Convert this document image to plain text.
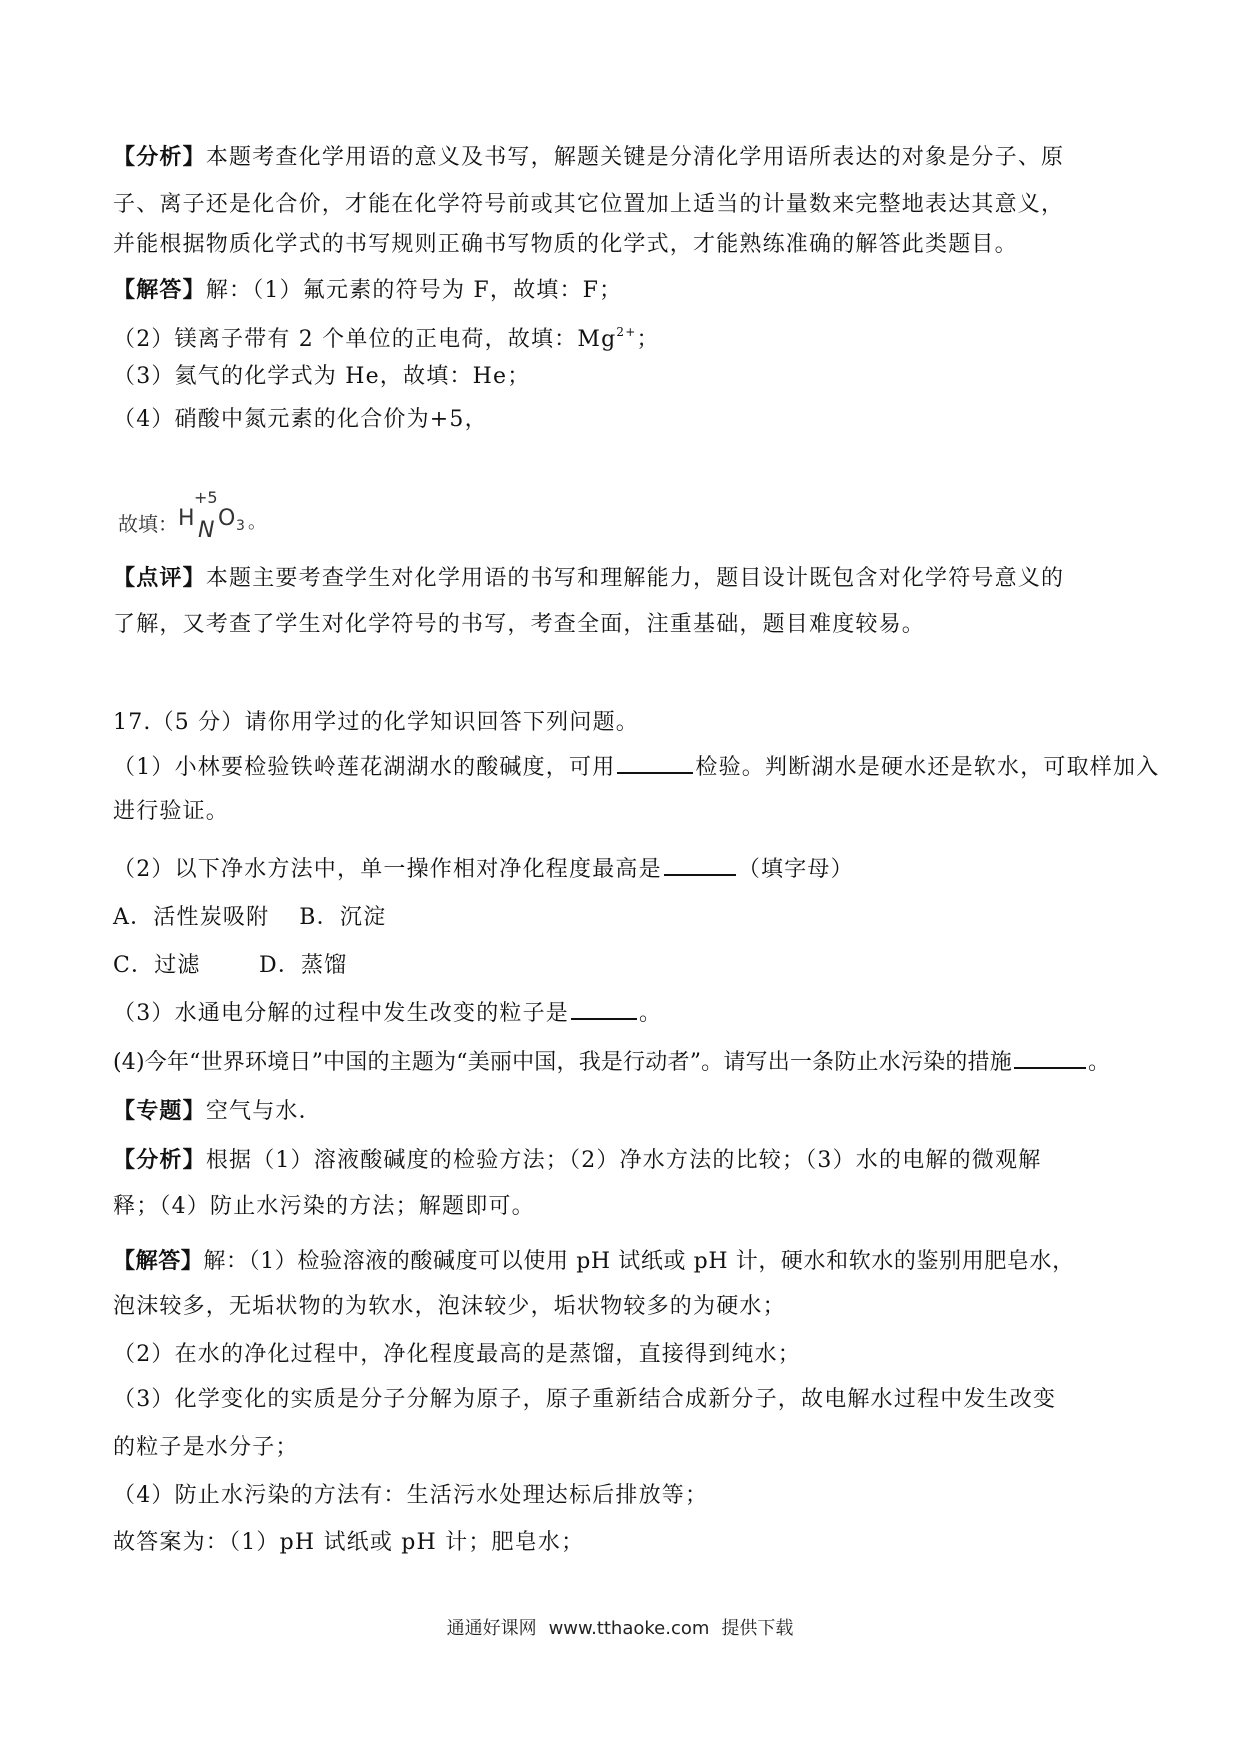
【分析】本题考查化学用语的意义及书写，解题关键是分清化学用语所表达的对象是分子、原
子、离子还是化合价，才能在化学符号前或其它位置加上适当的计量数来完整地表达其意义，
并能根据物质化学式的书写规则正确书写物质的化学式，才能熟练准确的解答此类题目。
【解答】解：（1）氟元素的符号为 F，故填：F；
（2）镁离子带有 2 个单位的正电荷，故填：$Mg^{2+}$；
（3）氦气的化学式为 He，故填：He；
（4）硝酸中氮元素的化合价为+5，
故填： H
+5
N O 3 。
【点评】本题主要考查学生对化学用语的书写和理解能力，题目设计既包含对化学符号意义的
了解，又考查了学生对化学符号的书写，考查全面，注重基础，题目难度较易。
17.（5 分）请你用学过的化学知识回答下列问题。
（1）小林要检验铁岭莲花湖湖水的酸碱度，可用	检验。判断湖水是硬水还是软水，可取样加入
进行验证。
（2）以下净水方法中，单一操作相对净化程度最高是	（填字母）
A．活性炭吸附 B．沉淀
C．过滤	D．蒸馏
（3）水通电分解的过程中发生改变的粒子是	。
(4)今年“世界环境日”中国的主题为“美丽中国，我是行动者”。请写出一条防止水污染的措施	。
【专题】空气与水．
【分析】根据（1）溶液酸碱度的检验方法；（2）净水方法的比较；（3）水的电解的微观解
释；（4）防止水污染的方法；解题即可。
【解答】解：（1）检验溶液的酸碱度可以使用 pH 试纸或 pH 计，硬水和软水的鉴别用肥皂水，
泡沫较多，无垢状物的为软水，泡沫较少，垢状物较多的为硬水；
（2）在水的净化过程中，净化程度最高的是蒸馏，直接得到纯水；
（3）化学变化的实质是分子分解为原子，原子重新结合成新分子，故电解水过程中发生改变
的粒子是水分子；
（4）防止水污染的方法有：生活污水处理达标后排放等；
故答案为：（1）pH 试纸或 pH 计；肥皂水；
通通好课网 www.tthaoke.com 提供下载
